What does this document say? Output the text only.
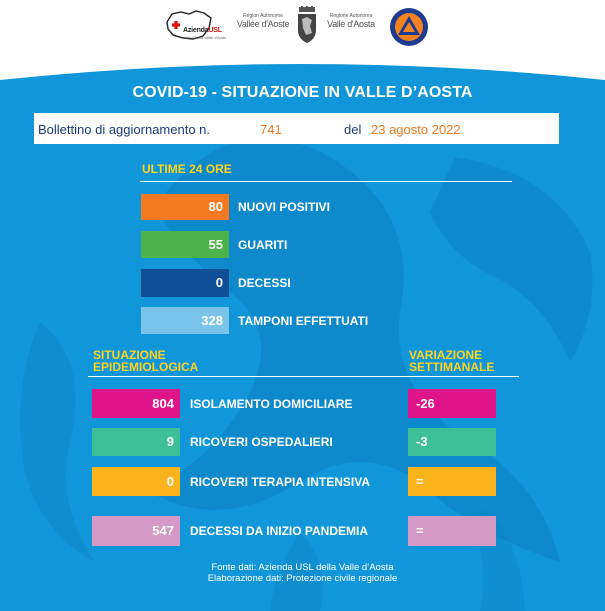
AziendaUSL
Valle d'Aosta Vallée d'Aoste
Région Autonome
Vallée d'Aoste
Regione Autonoma
Valle d'Aosta
COVID-19 - SITUAZIONE IN VALLE D’AOSTA
Bollettino di aggiornamento n.	741	del 23 agosto 2022
ULTIME 24 ORE
80	NUOVI POSITIVI
55	GUARITI
0	DECESSI
328	TAMPONI EFFETTUATI
SITUAZIONE
EPIDEMIOLOGICA
VARIAZIONE
SETTIMANALE
804	ISOLAMENTO DOMICILIARE	-26
9	RICOVERI OSPEDALIERI	-3
0	RICOVERI TERAPIA INTENSIVA	=
547	DECESSI DA INIZIO PANDEMIA	=
Fonte dati: Azienda USL della Valle d’Aosta
Elaborazione dati: Protezione civile regionale
